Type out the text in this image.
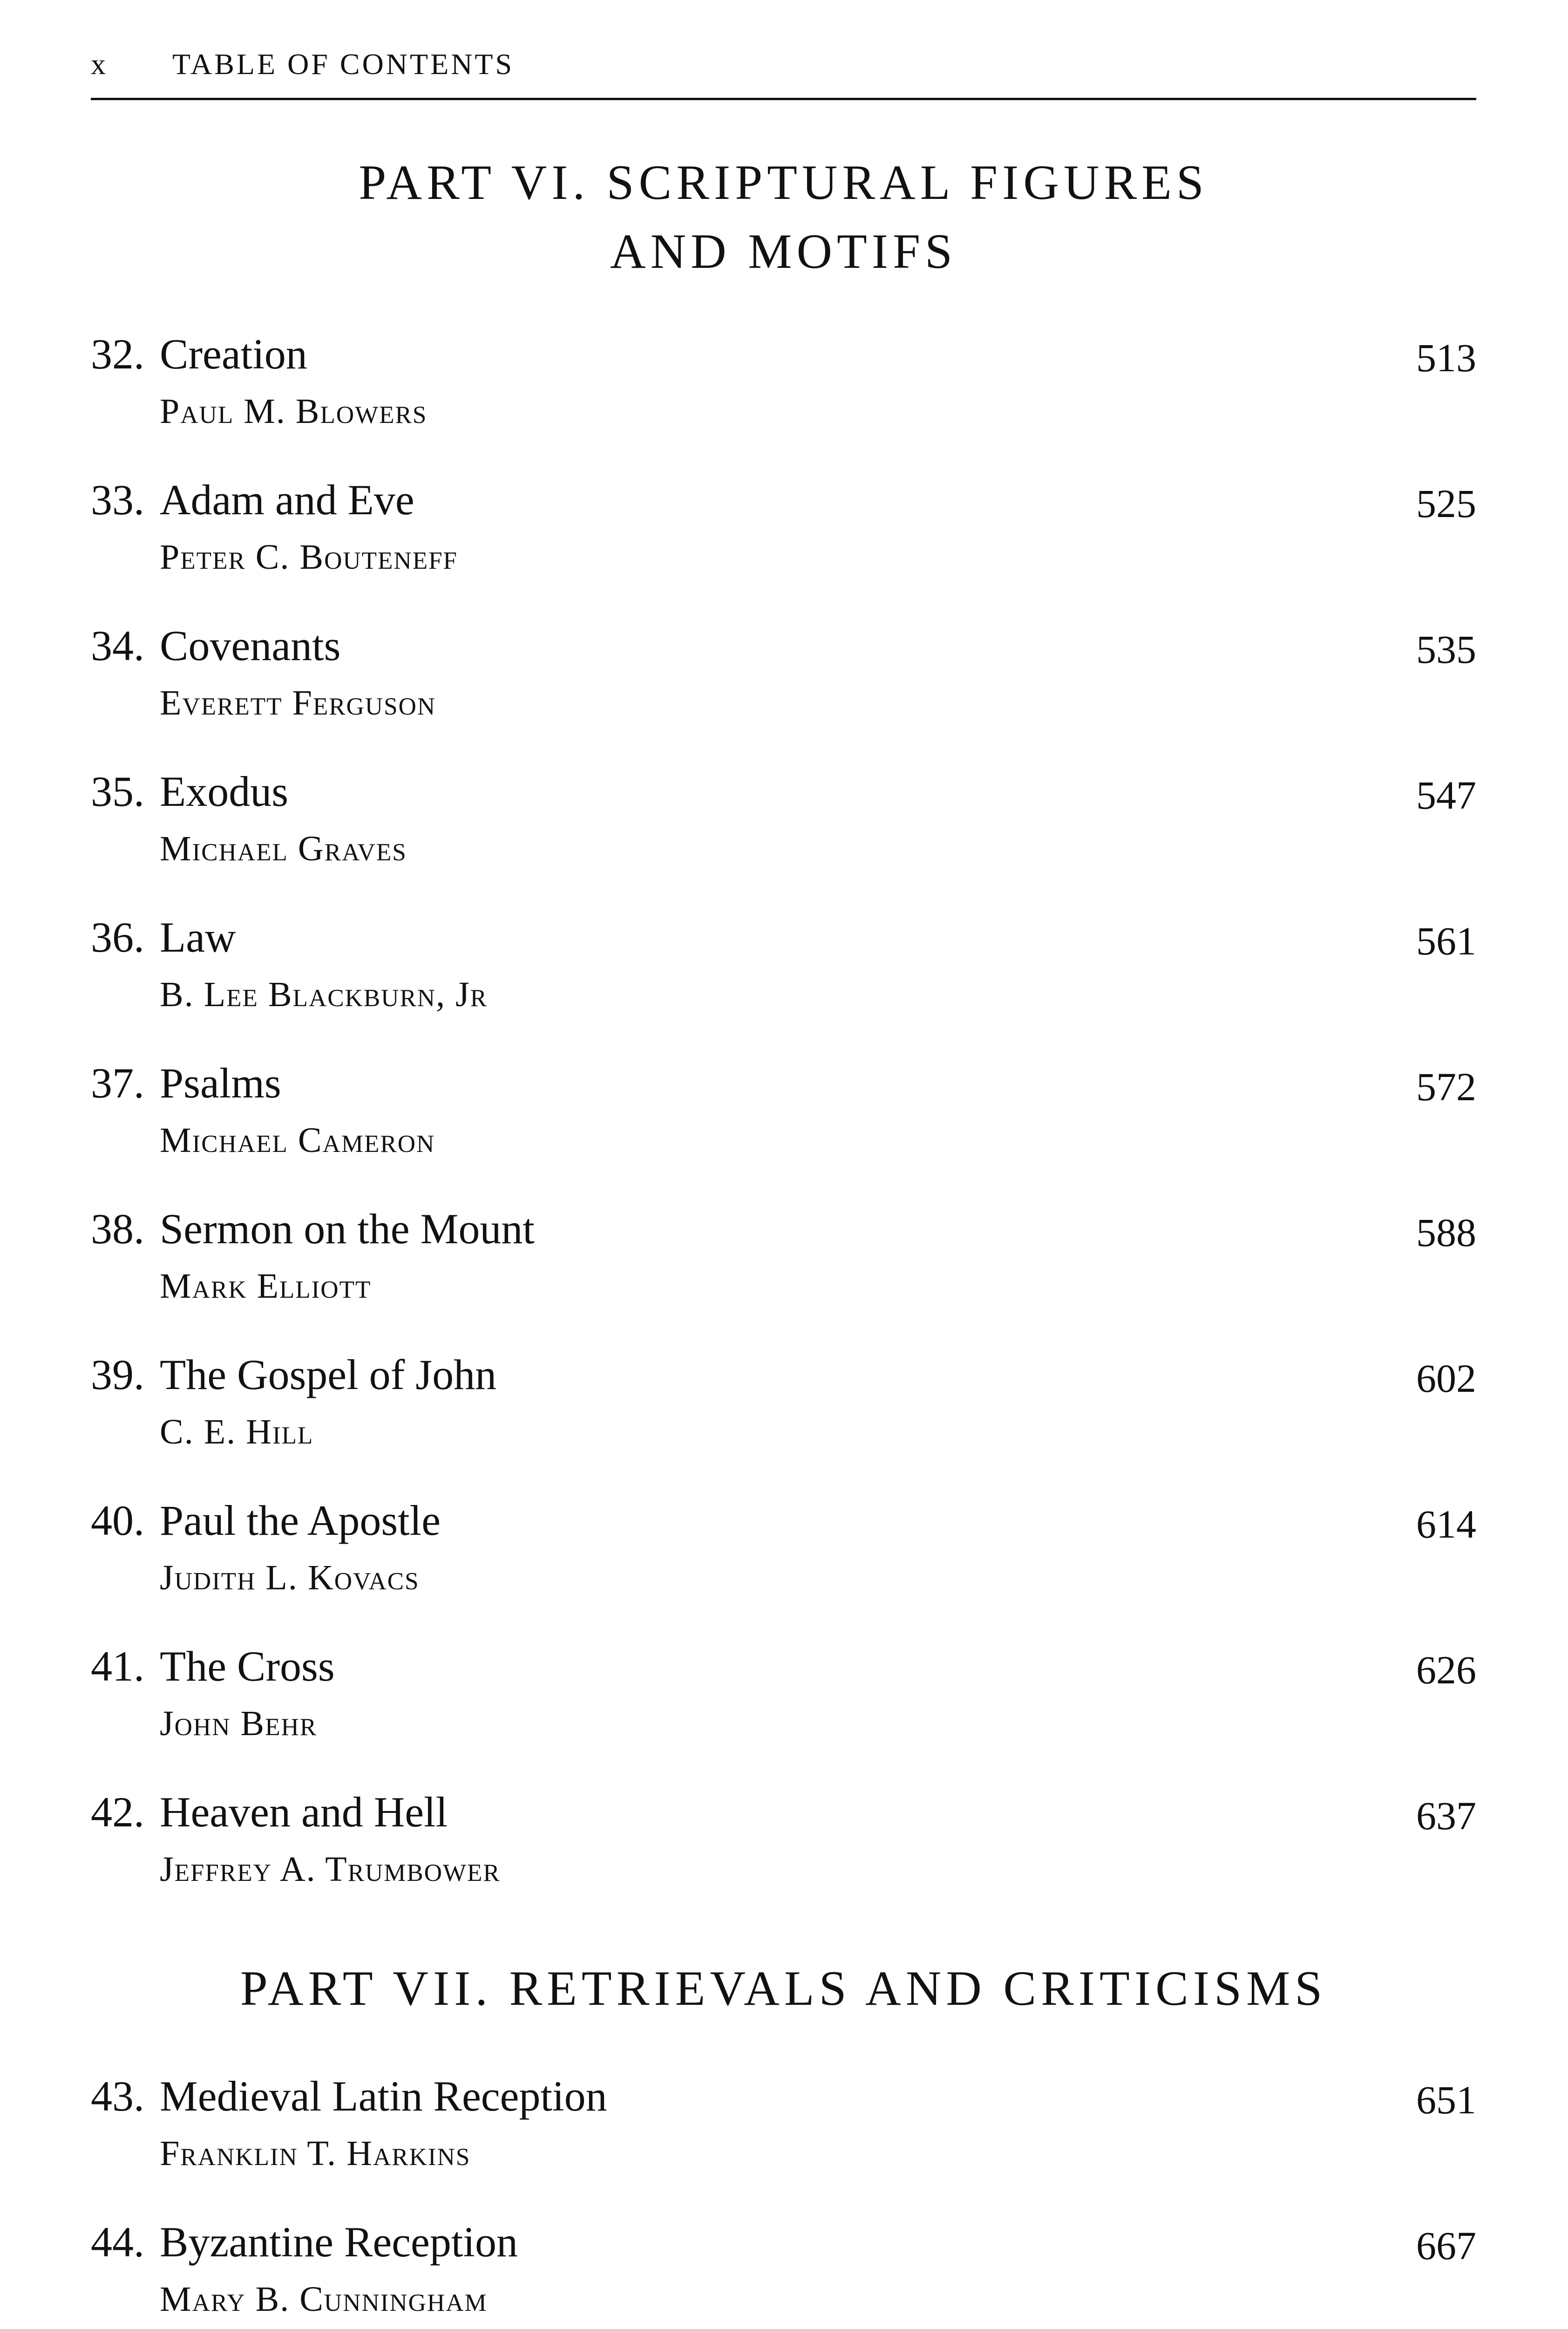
x TABLE OF CONTENTS
PART VI. SCRIPTURAL FIGURES
AND MOTIFS
32. Creation	513
Paul M. Blowers
33. Adam and Eve	525
Peter C. Bouteneff
34. Covenants	535
Everett Ferguson
35. Exodus	547
Michael Graves
36. Law	561
B. Lee Blackburn, Jr
37. Psalms	572
Michael Cameron
38. Sermon on the Mount	588
Mark Elliott
39. The Gospel of John	602
C. E. Hill
40. Paul the Apostle	614
Judith L. Kovacs
41. The Cross	626
John Behr
42. Heaven and Hell	637
Jeffrey A. Trumbower
PART VII. RETRIEVALS AND CRITICISMS
43. Medieval Latin Reception	651
Franklin T. Harkins
44. Byzantine Reception	667
Mary B. Cunningham
